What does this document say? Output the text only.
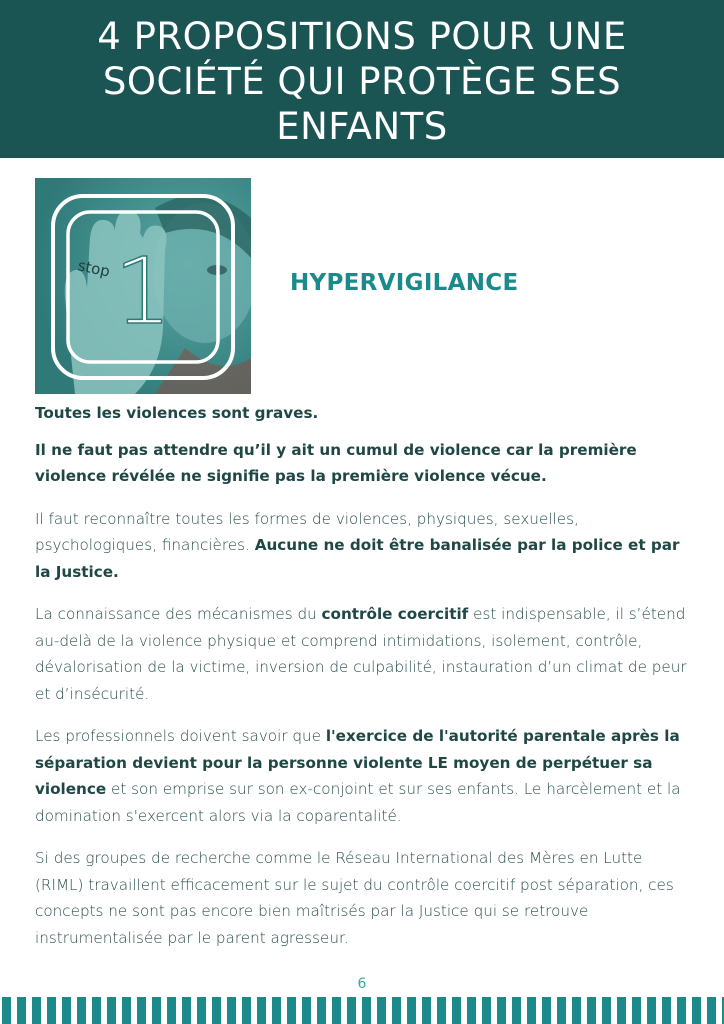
4 PROPOSITIONS POUR UNE
SOCIÉTÉ QUI PROTÈGE SES
ENFANTS
stop 1	HYPERVIGILANCE

Toutes les violences sont graves.

Il ne faut pas attendre qu’il y ait un cumul de violence car la première violence révélée ne signifie pas la première violence vécue.

Il faut reconnaître toutes les formes de violences, physiques, sexuelles, psychologiques, financières. Aucune ne doit être banalisée par la police et par la Justice.

La connaissance des mécanismes du contrôle coercitif est indispensable, il s’étend au-delà de la violence physique et comprend intimidations, isolement, contrôle, dévalorisation de la victime, inversion de culpabilité, instauration d’un climat de peur et d’insécurité.

Les professionnels doivent savoir que l'exercice de l'autorité parentale après la séparation devient pour la personne violente LE moyen de perpétuer sa violence et son emprise sur son ex-conjoint et sur ses enfants. Le harcèlement et la domination s'exercent alors via la coparentalité.

Si des groupes de recherche comme le Réseau International des Mères en Lutte (RIML) travaillent efficacement sur le sujet du contrôle coercitif post séparation, ces concepts ne sont pas encore bien maîtrisés par la Justice qui se retrouve instrumentalisée par le parent agresseur.

6
